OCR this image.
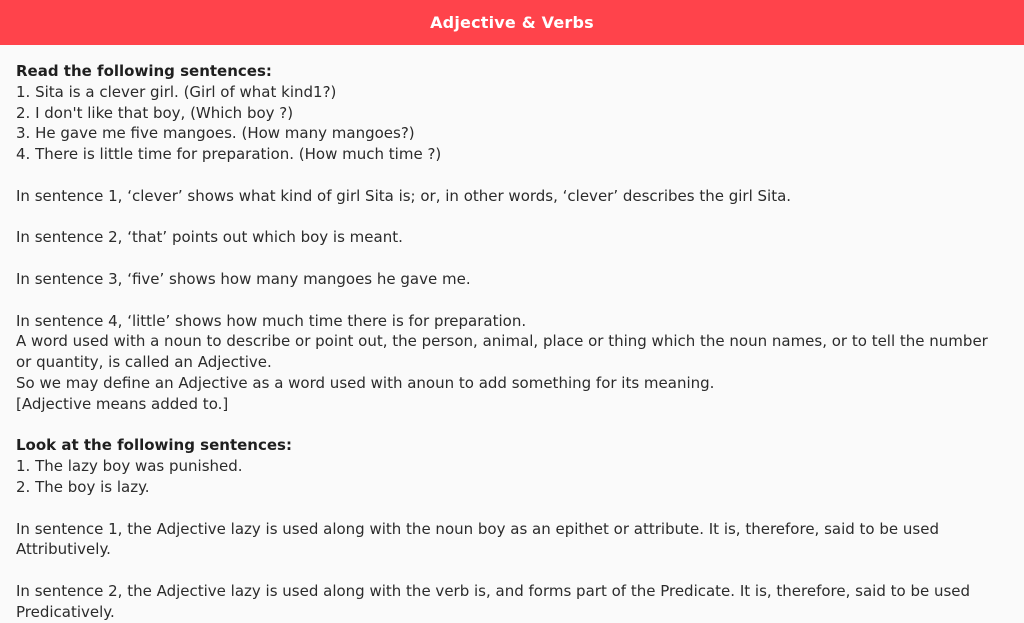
Adjective & Verbs

Read the following sentences:

1. Sita is a clever girl. (Girl of what kind1?)

2. I don't like that boy, (Which boy ?)

3. He gave me five mangoes. (How many mangoes?)

4. There is little time for preparation. (How much time ?)

In sentence 1, ‘clever’ shows what kind of girl Sita is; or, in other words, ‘clever’ describes the girl Sita.

In sentence 2, ‘that’ points out which boy is meant.

In sentence 3, ‘five’ shows how many mangoes he gave me.

In sentence 4, ‘little’ shows how much time there is for preparation.

A word used with a noun to describe or point out, the person, animal, place or thing which the noun names, or to tell the number or quantity, is called an Adjective.

So we may define an Adjective as a word used with anoun to add something for its meaning.

[Adjective means added to.]

Look at the following sentences:

1. The lazy boy was punished.

2. The boy is lazy.

In sentence 1, the Adjective lazy is used along with the noun boy as an epithet or attribute. It is, therefore, said to be used Attributively.

In sentence 2, the Adjective lazy is used along with the verb is, and forms part of the Predicate. It is, therefore, said to be used Predicatively.
